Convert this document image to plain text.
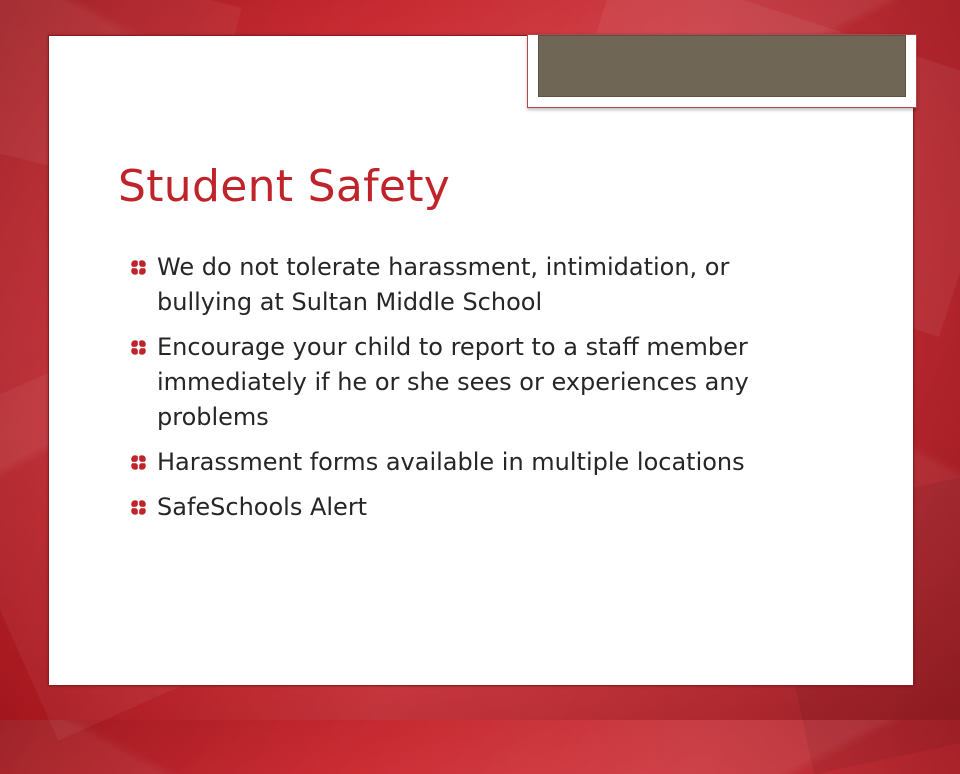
Student Safety
We do not tolerate harassment, intimidation, or bullying at Sultan Middle School
Encourage your child to report to a staff member immediately if he or she sees or experiences any problems
Harassment forms available in multiple locations
SafeSchools Alert
